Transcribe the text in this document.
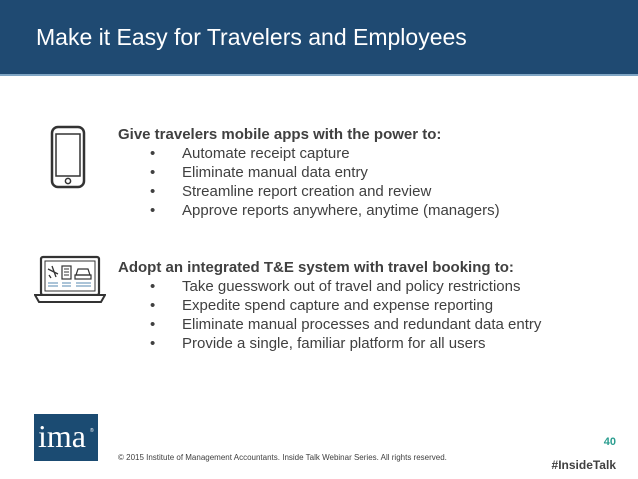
Make it Easy for Travelers and Employees
Give travelers mobile apps with the power to:
• Automate receipt capture
• Eliminate manual data entry
• Streamline report creation and review
• Approve reports anywhere, anytime (managers)
Adopt an integrated T&E system with travel booking to:
• Take guesswork out of travel and policy restrictions
• Expedite spend capture and expense reporting
• Eliminate manual processes and redundant data entry
• Provide a single, familiar platform for all users
ima ®
© 2015 Institute of Management Accountants. Inside Talk Webinar Series. All rights reserved.
40
#InsideTalk
